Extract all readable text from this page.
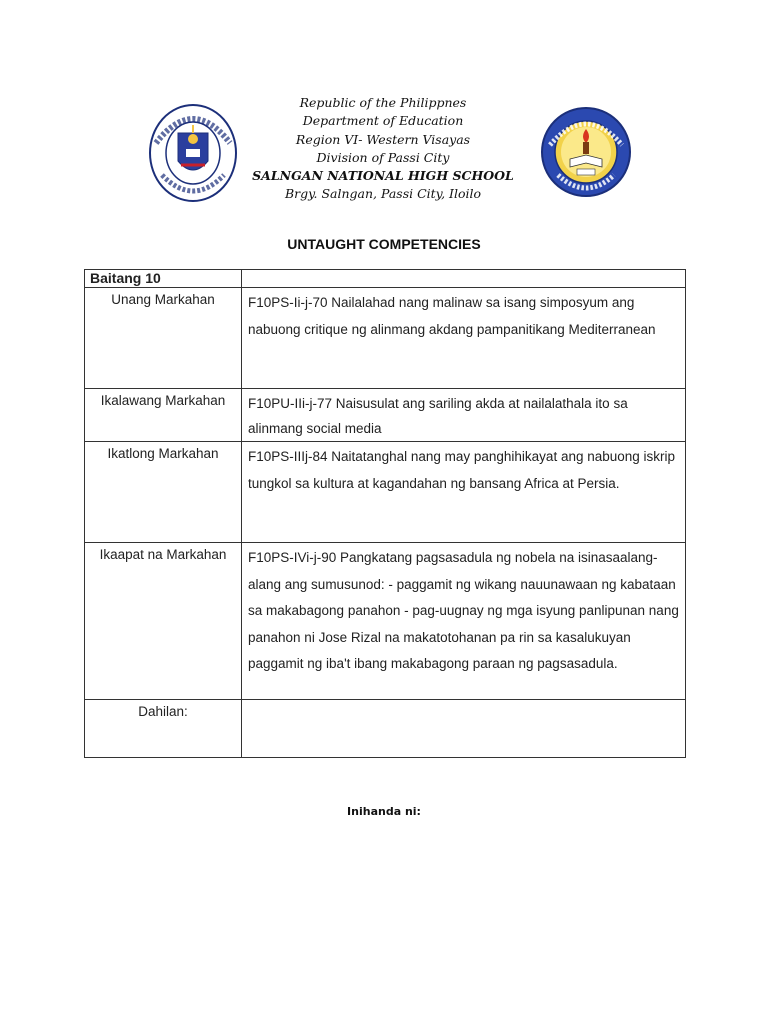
Republic of the Philippnes
Department of Education
Region VI- Western Visayas
Division of Passi City
SALNGAN NATIONAL HIGH SCHOOL
Brgy. Salngan, Passi City, Iloilo
UNTAUGHT COMPETENCIES
Baitang 10	
Unang Markahan	F10PS-Ii-j-70 Nailalahad nang malinaw sa isang simposyum ang nabuong critique ng alinmang akdang pampanitikang Mediterranean
Ikalawang Markahan	F10PU-IIi-j-77 Naisusulat ang sariling akda at nailalathala ito sa alinmang social media
Ikatlong Markahan	F10PS-IIIj-84 Naitatanghal nang may panghihikayat ang nabuong iskrip tungkol sa kultura at kagandahan ng bansang Africa at Persia.
Ikaapat na Markahan	F10PS-IVi-j-90 Pangkatang pagsasadula ng nobela na isinasaalang-alang ang sumusunod: - paggamit ng wikang nauunawaan ng kabataan sa makabagong panahon - pag-uugnay ng mga isyung panlipunan nang panahon ni Jose Rizal na makatotohanan pa rin sa kasalukuyan paggamit ng iba't ibang makabagong paraan ng pagsasadula.
Dahilan:	
Inihanda ni:
